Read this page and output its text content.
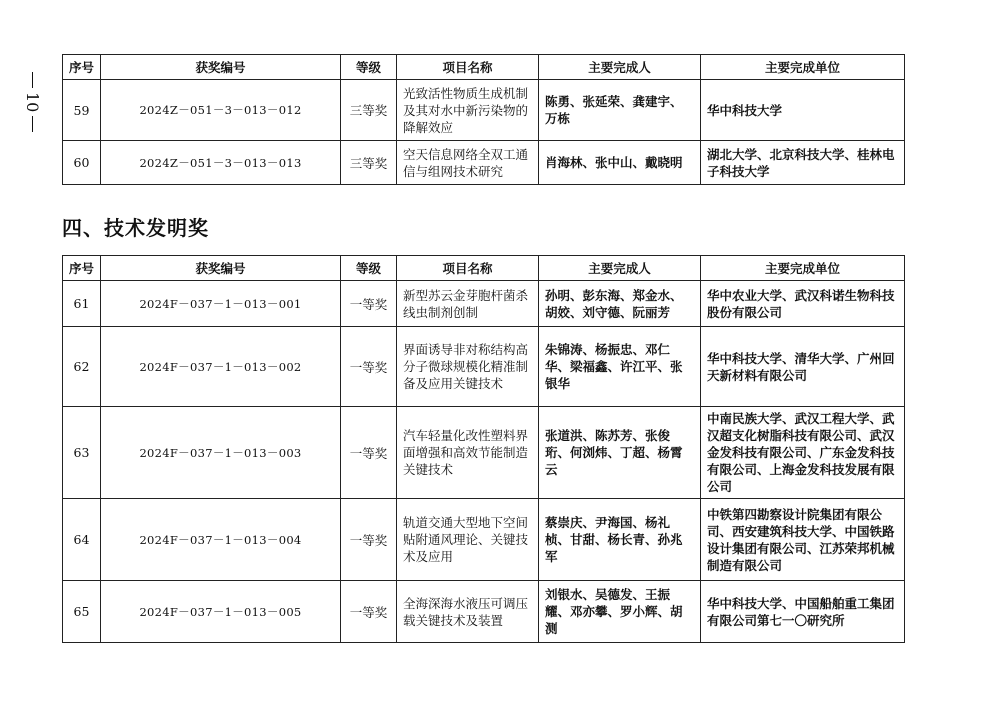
10
序号	获奖编号	等级	项目名称	主要完成人	主要完成单位
59	2024Z－051－3－013－012	三等奖	光致活性物质生成机制及其对水中新污染物的降解效应	陈勇、张延荣、龚建宇、万栋	华中科技大学
60	2024Z－051－3－013－013	三等奖	空天信息网络全双工通信与组网技术研究	肖海林、张中山、戴晓明	湖北大学、北京科技大学、桂林电子科技大学
四、技术发明奖
序号	获奖编号	等级	项目名称	主要完成人	主要完成单位
61	2024F－037－1－013－001	一等奖	新型苏云金芽胞杆菌杀线虫制剂创制	孙明、彭东海、郑金水、胡姣、刘守德、阮丽芳	华中农业大学、武汉科诺生物科技股份有限公司
62	2024F－037－1－013－002	一等奖	界面诱导非对称结构高分子微球规模化精准制备及应用关键技术	朱锦涛、杨振忠、邓仁华、梁福鑫、许江平、张银华	华中科技大学、清华大学、广州回天新材料有限公司
63	2024F－037－1－013－003	一等奖	汽车轻量化改性塑料界面增强和高效节能制造关键技术	张道洪、陈苏芳、张俊珩、何浏炜、丁超、杨霄云	中南民族大学、武汉工程大学、武汉超支化树脂科技有限公司、武汉金发科技有限公司、广东金发科技有限公司、上海金发科技发展有限公司
64	2024F－037－1－013－004	一等奖	轨道交通大型地下空间贴附通风理论、关键技术及应用	蔡崇庆、尹海国、杨礼桢、甘甜、杨长青、孙兆军	中铁第四勘察设计院集团有限公司、西安建筑科技大学、中国铁路设计集团有限公司、江苏荣邦机械制造有限公司
65	2024F－037－1－013－005	一等奖	全海深海水液压可调压载关键技术及装置	刘银水、吴德发、王振耀、邓亦攀、罗小辉、胡测	华中科技大学、中国船舶重工集团有限公司第七一〇研究所
